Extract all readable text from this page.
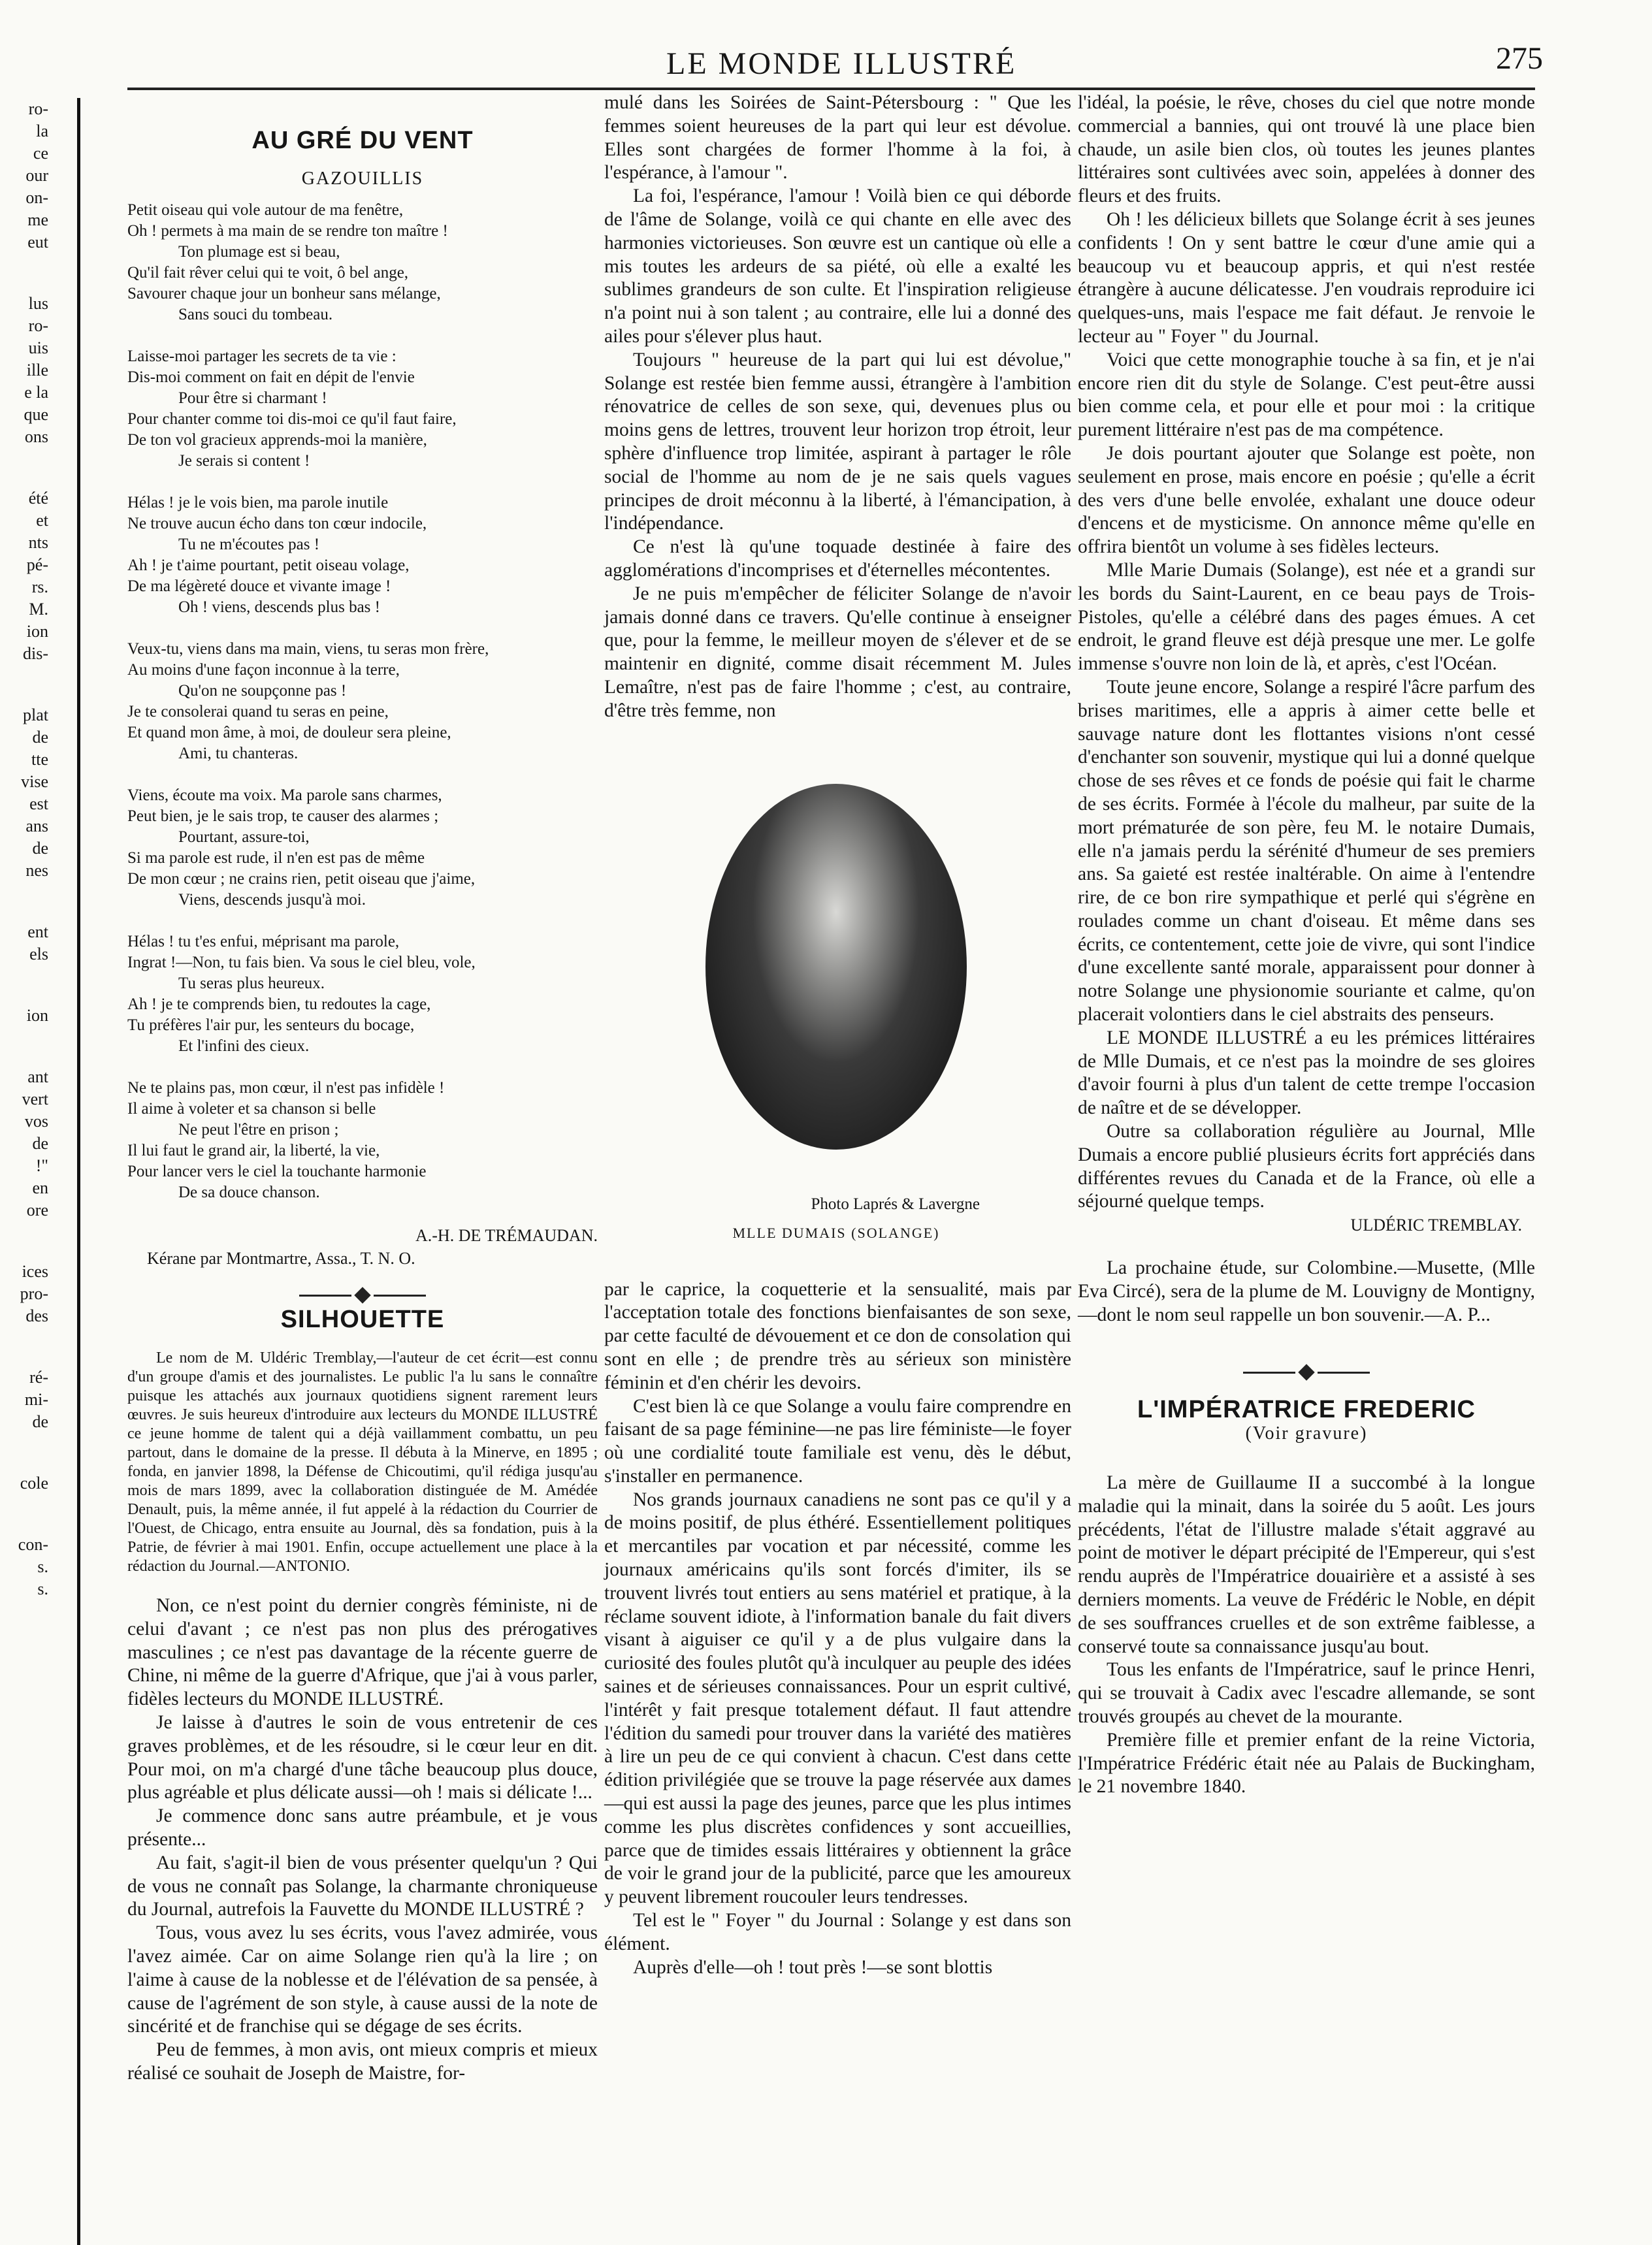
LE MONDE ILLUSTRÉ	275

ro-

la

ce

our

on-

me

eut

lus

ro-

uis

ille

e la

que

ons

été

et

nts

pé-

rs.

M.

ion

dis-

plat

de

tte

vise

est

ans

de

nes

ent

els

ion

ant

vert

vos

de

!"

en

ore

ices

pro-

des

ré-

mi-

de

cole

con-

s.

s.

AU GRÉ DU VENT
GAZOUILLIS

Petit oiseau qui vole autour de ma fenêtre,

Oh ! permets à ma main de se rendre ton maître !

Ton plumage est si beau,

Qu'il fait rêver celui qui te voit, ô bel ange,

Savourer chaque jour un bonheur sans mélange,

Sans souci du tombeau.

Laisse-moi partager les secrets de ta vie :

Dis-moi comment on fait en dépit de l'envie

Pour être si charmant !

Pour chanter comme toi dis-moi ce qu'il faut faire,

De ton vol gracieux apprends-moi la manière,

Je serais si content !

Hélas ! je le vois bien, ma parole inutile

Ne trouve aucun écho dans ton cœur indocile,

Tu ne m'écoutes pas !

Ah ! je t'aime pourtant, petit oiseau volage,

De ma légèreté douce et vivante image !

Oh ! viens, descends plus bas !

Veux-tu, viens dans ma main, viens, tu seras mon frère,

Au moins d'une façon inconnue à la terre,

Qu'on ne soupçonne pas !

Je te consolerai quand tu seras en peine,

Et quand mon âme, à moi, de douleur sera pleine,

Ami, tu chanteras.

Viens, écoute ma voix. Ma parole sans charmes,

Peut bien, je le sais trop, te causer des alarmes ;

Pourtant, assure-toi,

Si ma parole est rude, il n'en est pas de même

De mon cœur ; ne crains rien, petit oiseau que j'aime,

Viens, descends jusqu'à moi.

Hélas ! tu t'es enfui, méprisant ma parole,

Ingrat !—Non, tu fais bien. Va sous le ciel bleu, vole,

Tu seras plus heureux.

Ah ! je te comprends bien, tu redoutes la cage,

Tu préfères l'air pur, les senteurs du bocage,

Et l'infini des cieux.

Ne te plains pas, mon cœur, il n'est pas infidèle !

Il aime à voleter et sa chanson si belle

Ne peut l'être en prison ;

Il lui faut le grand air, la liberté, la vie,

Pour lancer vers le ciel la touchante harmonie

De sa douce chanson.

A.-H. DE TRÉMAUDAN.
Kérane par Montmartre, Assa., T. N. O.
SILHOUETTE

Le nom de M. Uldéric Tremblay,—l'auteur de cet écrit—est connu d'un groupe d'amis et des journalistes. Le public l'a lu sans le connaître puisque les attachés aux journaux quotidiens signent rarement leurs œuvres. Je suis heureux d'introduire aux lecteurs du MONDE ILLUSTRÉ ce jeune homme de talent qui a déjà vaillamment combattu, un peu partout, dans le domaine de la presse. Il débuta à la Minerve, en 1895 ; fonda, en janvier 1898, la Défense de Chicoutimi, qu'il rédiga jusqu'au mois de mars 1899, avec la collaboration distinguée de M. Amédée Denault, puis, la même année, il fut appelé à la rédaction du Courrier de l'Ouest, de Chicago, entra ensuite au Journal, dès sa fondation, puis à la Patrie, de février à mai 1901. Enfin, occupe actuellement une place à la rédaction du Journal.—ANTONIO.

Non, ce n'est point du dernier congrès féministe, ni de celui d'avant ; ce n'est pas non plus des prérogatives masculines ; ce n'est pas davantage de la récente guerre de Chine, ni même de la guerre d'Afrique, que j'ai à vous parler, fidèles lecteurs du MONDE ILLUSTRÉ.

Je laisse à d'autres le soin de vous entretenir de ces graves problèmes, et de les résoudre, si le cœur leur en dit. Pour moi, on m'a chargé d'une tâche beaucoup plus douce, plus agréable et plus délicate aussi—oh ! mais si délicate !...

Je commence donc sans autre préambule, et je vous présente...

Au fait, s'agit-il bien de vous présenter quelqu'un ? Qui de vous ne connaît pas Solange, la charmante chroniqueuse du Journal, autrefois la Fauvette du MONDE ILLUSTRÉ ?

Tous, vous avez lu ses écrits, vous l'avez admirée, vous l'avez aimée. Car on aime Solange rien qu'à la lire ; on l'aime à cause de la noblesse et de l'élévation de sa pensée, à cause de l'agrément de son style, à cause aussi de la note de sincérité et de franchise qui se dégage de ses écrits.

Peu de femmes, à mon avis, ont mieux compris et mieux réalisé ce souhait de Joseph de Maistre, for-

mulé dans les Soirées de Saint-Pétersbourg : " Que les femmes soient heureuses de la part qui leur est dévolue. Elles sont chargées de former l'homme à la foi, à l'espérance, à l'amour ".

La foi, l'espérance, l'amour ! Voilà bien ce qui déborde de l'âme de Solange, voilà ce qui chante en elle avec des harmonies victorieuses. Son œuvre est un cantique où elle a mis toutes les ardeurs de sa piété, où elle a exalté les sublimes grandeurs de son culte. Et l'inspiration religieuse n'a point nui à son talent ; au contraire, elle lui a donné des ailes pour s'élever plus haut.

Toujours " heureuse de la part qui lui est dévolue," Solange est restée bien femme aussi, étrangère à l'ambition rénovatrice de celles de son sexe, qui, devenues plus ou moins gens de lettres, trouvent leur horizon trop étroit, leur sphère d'influence trop limitée, aspirant à partager le rôle social de l'homme au nom de je ne sais quels vagues principes de droit méconnu à la liberté, à l'émancipation, à l'indépendance.

Ce n'est là qu'une toquade destinée à faire des agglomérations d'incomprises et d'éternelles mécontentes.

Je ne puis m'empêcher de féliciter Solange de n'avoir jamais donné dans ce travers. Qu'elle continue à enseigner que, pour la femme, le meilleur moyen de s'élever et de se maintenir en dignité, comme disait récemment M. Jules Lemaître, n'est pas de faire l'homme ; c'est, au contraire, d'être très femme, non

par le caprice, la coquetterie et la sensualité, mais par l'acceptation totale des fonctions bienfaisantes de son sexe, par cette faculté de dévouement et ce don de consolation qui sont en elle ; de prendre très au sérieux son ministère féminin et d'en chérir les devoirs.

C'est bien là ce que Solange a voulu faire comprendre en faisant de sa page féminine—ne pas lire féministe—le foyer où une cordialité toute familiale est venu, dès le début, s'installer en permanence.

Nos grands journaux canadiens ne sont pas ce qu'il y a de moins positif, de plus éthéré. Essentiellement politiques et mercantiles par vocation et par nécessité, comme les journaux américains qu'ils sont forcés d'imiter, ils se trouvent livrés tout entiers au sens matériel et pratique, à la réclame souvent idiote, à l'information banale du fait divers visant à aiguiser ce qu'il y a de plus vulgaire dans la curiosité des foules plutôt qu'à inculquer au peuple des idées saines et de sérieuses connaissances. Pour un esprit cultivé, l'intérêt y fait presque totalement défaut. Il faut attendre l'édition du samedi pour trouver dans la variété des matières à lire un peu de ce qui convient à chacun. C'est dans cette édition privilégiée que se trouve la page réservée aux dames—qui est aussi la page des jeunes, parce que les plus intimes comme les plus discrètes confidences y sont accueillies, parce que de timides essais littéraires y obtiennent la grâce de voir le grand jour de la publicité, parce que les amoureux y peuvent librement roucouler leurs tendresses.

Tel est le " Foyer " du Journal : Solange y est dans son élément.

Auprès d'elle—oh ! tout près !—se sont blottis

Photo Laprés & Lavergne
MLLE DUMAIS (SOLANGE)

l'idéal, la poésie, le rêve, choses du ciel que notre monde commercial a bannies, qui ont trouvé là une place bien chaude, un asile bien clos, où toutes les jeunes plantes littéraires sont cultivées avec soin, appelées à donner des fleurs et des fruits.

Oh ! les délicieux billets que Solange écrit à ses jeunes confidents ! On y sent battre le cœur d'une amie qui a beaucoup vu et beaucoup appris, et qui n'est restée étrangère à aucune délicatesse. J'en voudrais reproduire ici quelques-uns, mais l'espace me fait défaut. Je renvoie le lecteur au " Foyer " du Journal.

Voici que cette monographie touche à sa fin, et je n'ai encore rien dit du style de Solange. C'est peut-être aussi bien comme cela, et pour elle et pour moi : la critique purement littéraire n'est pas de ma compétence.

Je dois pourtant ajouter que Solange est poète, non seulement en prose, mais encore en poésie ; qu'elle a écrit des vers d'une belle envolée, exhalant une douce odeur d'encens et de mysticisme. On annonce même qu'elle en offrira bientôt un volume à ses fidèles lecteurs.

Mlle Marie Dumais (Solange), est née et a grandi sur les bords du Saint-Laurent, en ce beau pays de Trois-Pistoles, qu'elle a célébré dans des pages émues. A cet endroit, le grand fleuve est déjà presque une mer. Le golfe immense s'ouvre non loin de là, et après, c'est l'Océan.

Toute jeune encore, Solange a respiré l'âcre parfum des brises maritimes, elle a appris à aimer cette belle et sauvage nature dont les flottantes visions n'ont cessé d'enchanter son souvenir, mystique qui lui a donné quelque chose de ses rêves et ce fonds de poésie qui fait le charme de ses écrits. Formée à l'école du malheur, par suite de la mort prématurée de son père, feu M. le notaire Dumais, elle n'a jamais perdu la sérénité d'humeur de ses premiers ans. Sa gaieté est restée inaltérable. On aime à l'entendre rire, de ce bon rire sympathique et perlé qui s'égrène en roulades comme un chant d'oiseau. Et même dans ses écrits, ce contentement, cette joie de vivre, qui sont l'indice d'une excellente santé morale, apparaissent pour donner à notre Solange une physionomie souriante et calme, qu'on placerait volontiers dans le ciel abstraits des penseurs.

LE MONDE ILLUSTRÉ a eu les prémices littéraires de Mlle Dumais, et ce n'est pas la moindre de ses gloires d'avoir fourni à plus d'un talent de cette trempe l'occasion de naître et de se développer.

Outre sa collaboration régulière au Journal, Mlle Dumais a encore publié plusieurs écrits fort appréciés dans différentes revues du Canada et de la France, où elle a séjourné quelque temps.

ULDÉRIC TREMBLAY.

La prochaine étude, sur Colombine.—Musette, (Mlle Eva Circé), sera de la plume de M. Louvigny de Montigny,—dont le nom seul rappelle un bon souvenir.—A. P...

L'IMPÉRATRICE FREDERIC
(Voir gravure)

La mère de Guillaume II a succombé à la longue maladie qui la minait, dans la soirée du 5 août. Les jours précédents, l'état de l'illustre malade s'était aggravé au point de motiver le départ précipité de l'Empereur, qui s'est rendu auprès de l'Impératrice douairière et a assisté à ses derniers moments. La veuve de Frédéric le Noble, en dépit de ses souffrances cruelles et de son extrême faiblesse, a conservé toute sa connaissance jusqu'au bout.

Tous les enfants de l'Impératrice, sauf le prince Henri, qui se trouvait à Cadix avec l'escadre allemande, se sont trouvés groupés au chevet de la mourante.

Première fille et premier enfant de la reine Victoria, l'Impératrice Frédéric était née au Palais de Buckingham, le 21 novembre 1840.
